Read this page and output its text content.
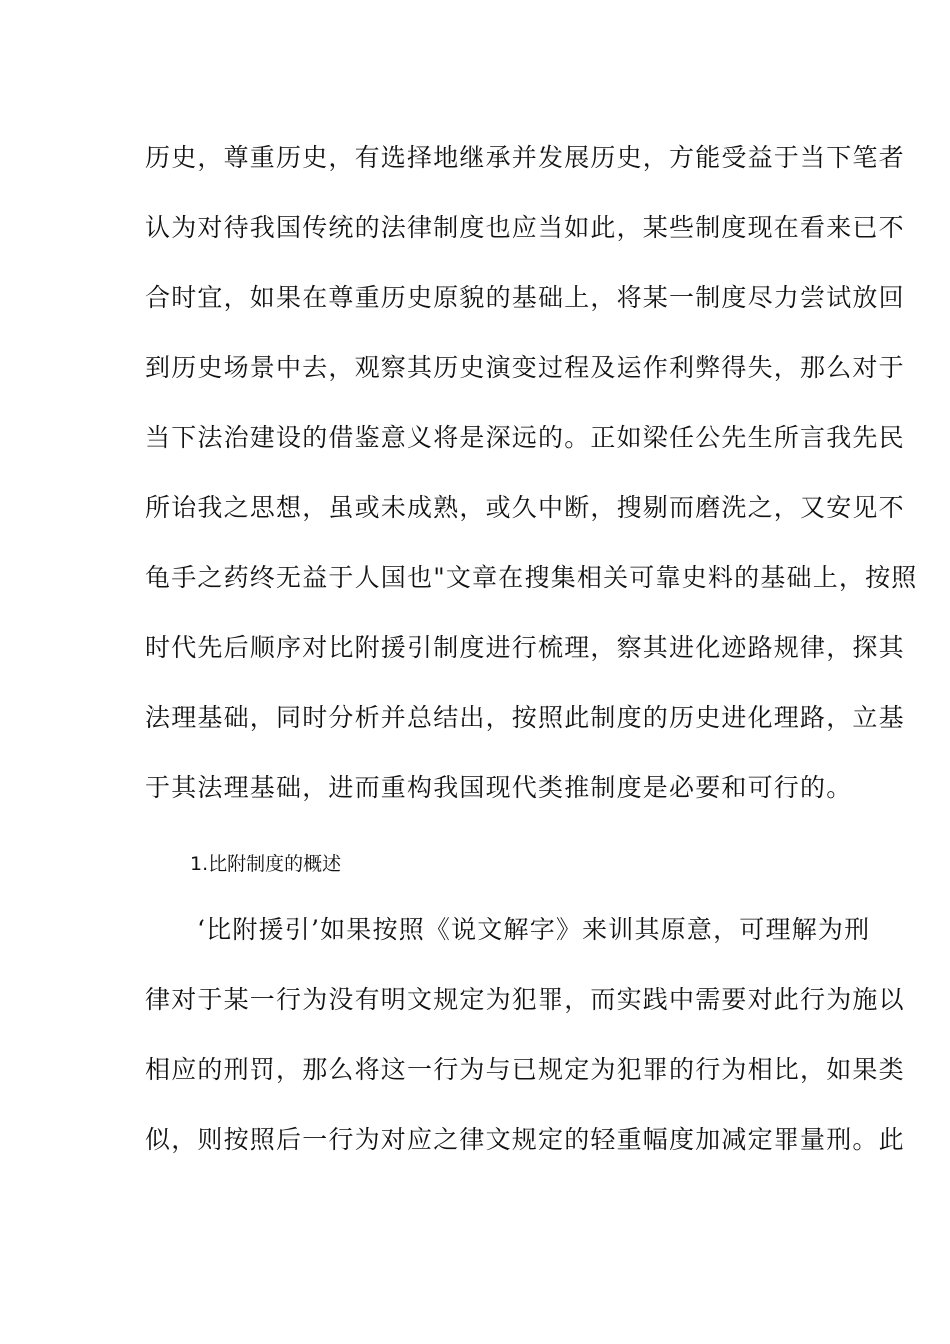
历史，尊重历史，有选择地继承并发展历史，方能受益于当下笔者
认为对待我国传统的法律制度也应当如此，某些制度现在看来已不
合时宜，如果在尊重历史原貌的基础上，将某一制度尽力尝试放回
到历史场景中去，观察其历史演变过程及运作利弊得失，那么对于
当下法治建设的借鉴意义将是深远的。正如梁任公先生所言我先民
所诒我之思想，虽或未成熟，或久中断，搜剔而磨洗之，又安见不
龟手之药终无益于人国也"文章在搜集相关可靠史料的基础上，按照
时代先后顺序对比附援引制度进行梳理，察其进化迹路规律，探其
法理基础，同时分析并总结出，按照此制度的历史进化理路，立基
于其法理基础，进而重构我国现代类推制度是必要和可行的。
1.比附制度的概述
‘比附援引’如果按照《说文解字》来训其原意，可理解为刑
律对于某一行为没有明文规定为犯罪，而实践中需要对此行为施以
相应的刑罚，那么将这一行为与已规定为犯罪的行为相比，如果类
似，则按照后一行为对应之律文规定的轻重幅度加减定罪量刑。此
